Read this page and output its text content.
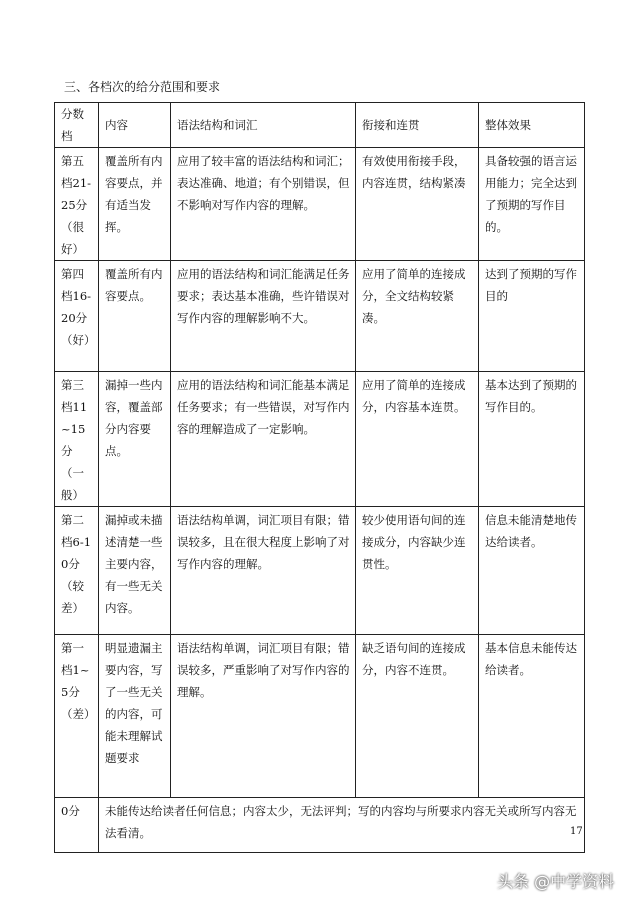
三、各档次的给分范围和要求
分数档	内容	语法结构和词汇	衔接和连贯	整体效果
第五档21-25分（很好）	覆盖所有内容要点，并有适当发挥。	应用了较丰富的语法结构和词汇；表达准确、地道；有个别错误，但不影响对写作内容的理解。	有效使用衔接手段，内容连贯，结构紧凑	具备较强的语言运用能力；完全达到了预期的写作目的。
第四档16-20分（好）	覆盖所有内容要点。	应用的语法结构和词汇能满足任务要求；表达基本准确，些许错误对写作内容的理解影响不大。	应用了简单的连接成分，全文结构较紧凑。	达到了预期的写作目的
第三档11~15分（一般）	漏掉一些内容，覆盖部分内容要点。	应用的语法结构和词汇能基本满足任务要求；有一些错误，对写作内容的理解造成了一定影响。	应用了简单的连接成分，内容基本连贯。	基本达到了预期的写作目的。
第二档6-10分（较差）	漏掉或未描述清楚一些主要内容，有一些无关内容。	语法结构单调，词汇项目有限；错误较多，且在很大程度上影响了对写作内容的理解。	较少使用语句间的连接成分，内容缺少连贯性。	信息未能清楚地传达给读者。
第一档1~5分（差）	明显遗漏主要内容，写了一些无关的内容，可能未理解试题要求	语法结构单调，词汇项目有限；错误较多，严重影响了对写作内容的理解。	缺乏语句间的连接成分，内容不连贯。	基本信息未能传达给读者。
0分	未能传达给读者任何信息；内容太少，无法评判；写的内容均与所要求内容无关或所写内容无法看清。				17
头条 @中学资料
